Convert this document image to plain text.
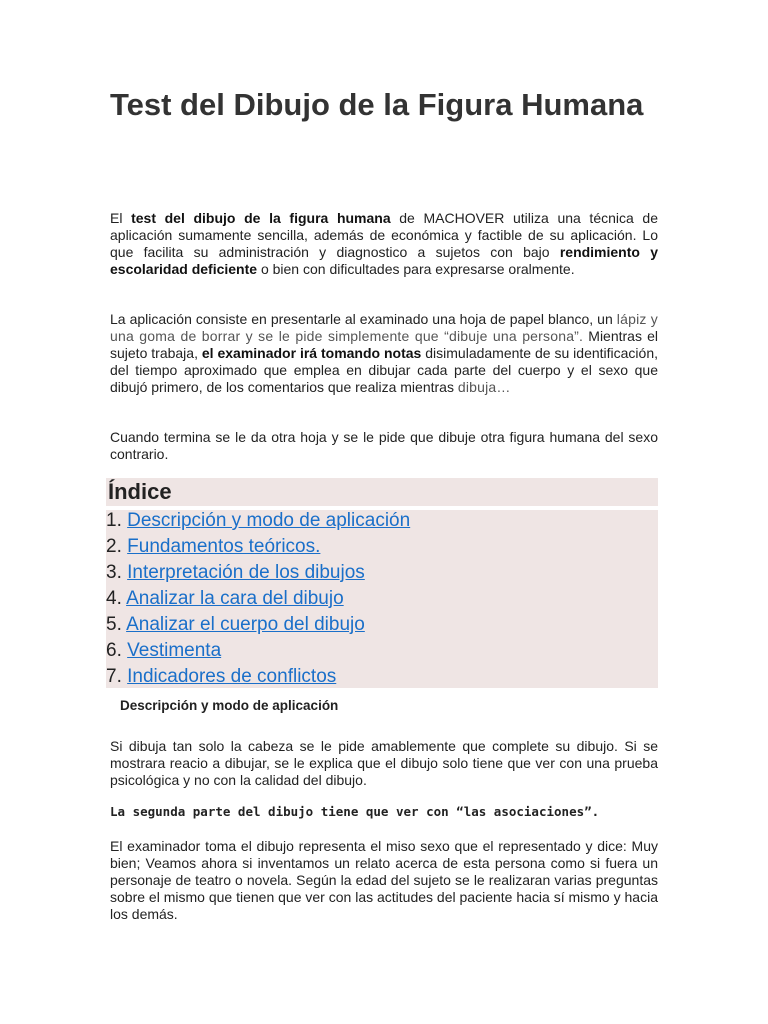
Test del Dibujo de la Figura Humana

El test del dibujo de la figura humana de MACHOVER utiliza una técnica de aplicación sumamente sencilla, además de económica y factible de su aplicación. Lo que facilita su administración y diagnostico a sujetos con bajo rendimiento y escolaridad deficiente o bien con dificultades para expresarse oralmente.

La aplicación consiste en presentarle al examinado una hoja de papel blanco, un lápiz y una goma de borrar y se le pide simplemente que “dibuje una persona”. Mientras el sujeto trabaja, el examinador irá tomando notas disimuladamente de su identificación, del tiempo aproximado que emplea en dibujar cada parte del cuerpo y el sexo que dibujó primero, de los comentarios que realiza mientras dibuja…

Cuando termina se le da otra hoja y se le pide que dibuje otra figura humana del sexo contrario.

Índice
1. Descripción y modo de aplicación
2. Fundamentos teóricos.
3. Interpretación de los dibujos
4. Analizar la cara del dibujo
5. Analizar el cuerpo del dibujo
6. Vestimenta
7. Indicadores de conflictos
Descripción y modo de aplicación

Si dibuja tan solo la cabeza se le pide amablemente que complete su dibujo. Si se mostrara reacio a dibujar, se le explica que el dibujo solo tiene que ver con una prueba psicológica y no con la calidad del dibujo.

La segunda parte del dibujo tiene que ver con “las asociaciones”.

El examinador toma el dibujo representa el miso sexo que el representado y dice: Muy bien; Veamos ahora si inventamos un relato acerca de esta persona como si fuera un personaje de teatro o novela. Según la edad del sujeto se le realizaran varias preguntas sobre el mismo que tienen que ver con las actitudes del paciente hacia sí mismo y hacia los demás.
